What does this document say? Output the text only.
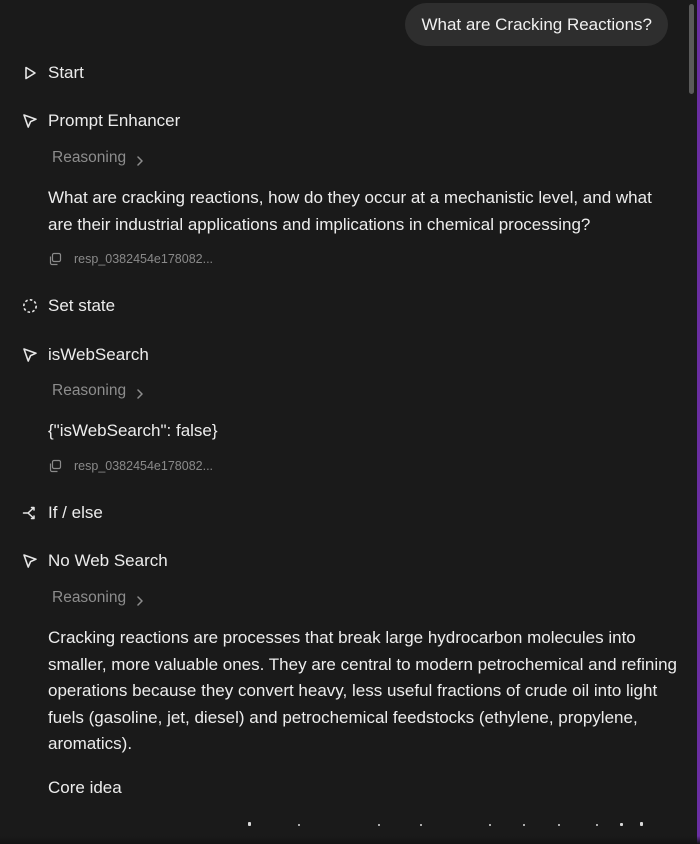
What are Cracking Reactions?
Start
Prompt Enhancer
Reasoning
What are cracking reactions, how do they occur at a mechanistic level, and what are their industrial applications and implications in chemical processing?
resp_0382454e178082...
Set state
isWebSearch
Reasoning
{"isWebSearch": false}
resp_0382454e178082...
If / else
No Web Search
Reasoning
Cracking reactions are processes that break large hydrocarbon molecules into smaller, more valuable ones. They are central to modern petrochemical and refining operations because they convert heavy, less useful fractions of crude oil into light fuels (gasoline, jet, diesel) and petrochemical feedstocks (ethylene, propylene, aromatics).
Core idea
